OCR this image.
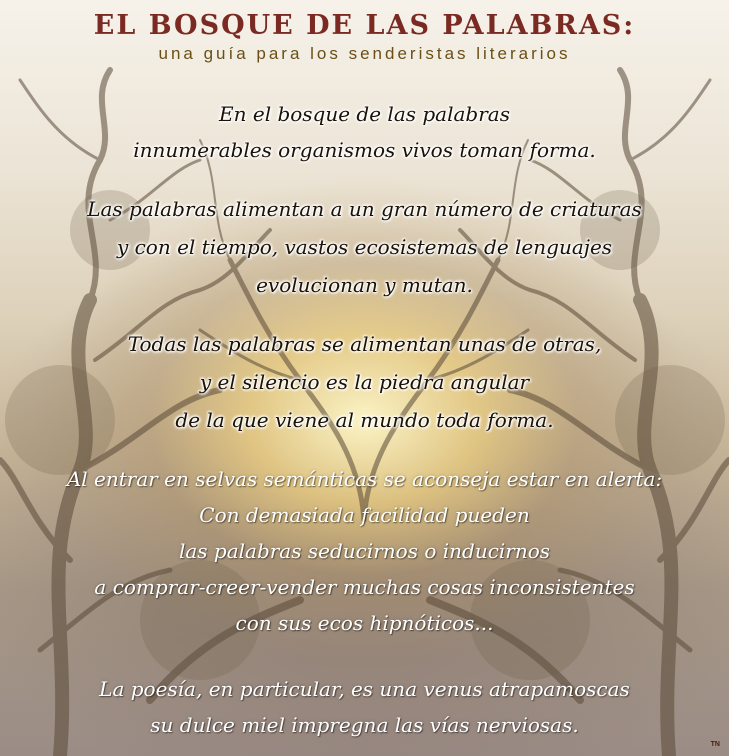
EL BOSQUE DE LAS PALABRAS:

una guía para los senderistas literarios

En el bosque de las palabras
innumerables organismos vivos toman forma.
Las palabras alimentan a un gran número de criaturas
y con el tiempo, vastos ecosistemas de lenguajes
evolucionan y mutan.
Todas las palabras se alimentan unas de otras,
y el silencio es la piedra angular
de la que viene al mundo toda forma.
Al entrar en selvas semánticas se aconseja estar en alerta:
Con demasiada facilidad pueden
las palabras seducirnos o inducirnos
a comprar-creer-vender muchas cosas inconsistentes
con sus ecos hipnóticos...
La poesía, en particular, es una venus atrapamoscas
su dulce miel impregna las vías nerviosas.
TN
